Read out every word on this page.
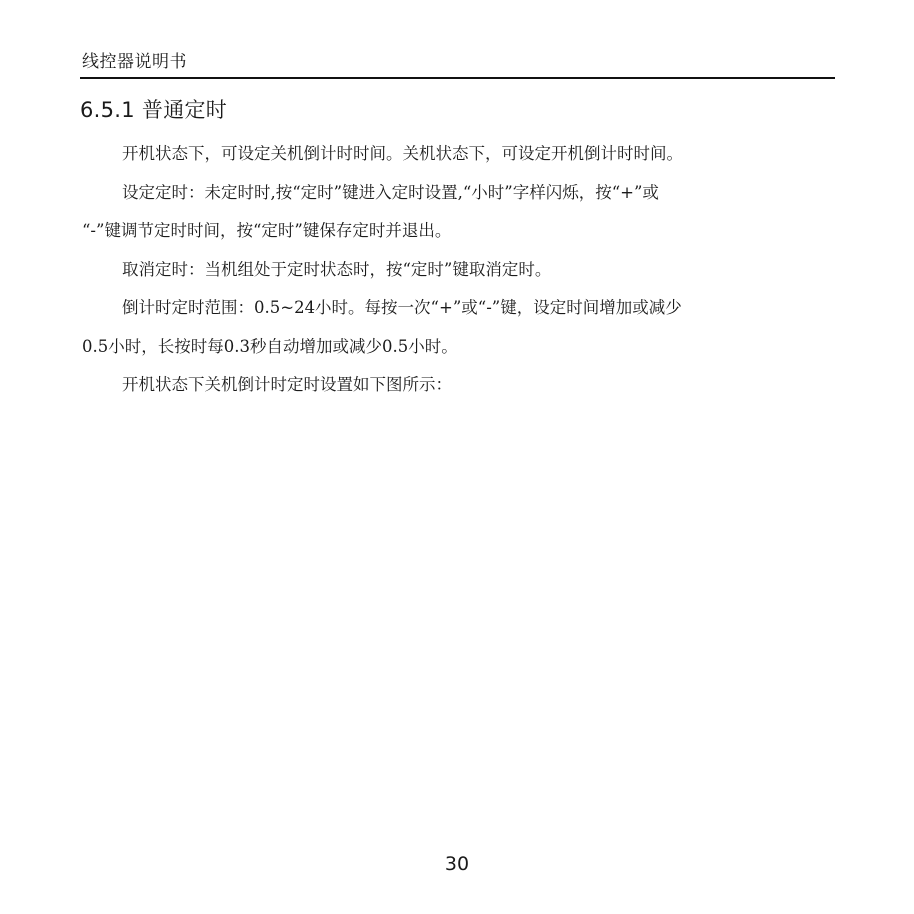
线控器说明书
6.5.1 普通定时

开机状态下，可设定关机倒计时时间。关机状态下，可设定开机倒计时时间。

设定定时：未定时时,按“定时”键进入定时设置,“小时”字样闪烁，按“+”或
“-”键调节定时时间，按“定时”键保存定时并退出。

取消定时：当机组处于定时状态时，按“定时”键取消定时。

倒计时定时范围：0.5~24小时。每按一次“+”或“-”键，设定时间增加或减少
0.5小时，长按时每0.3秒自动增加或减少0.5小时。

开机状态下关机倒计时定时设置如下图所示：

30
